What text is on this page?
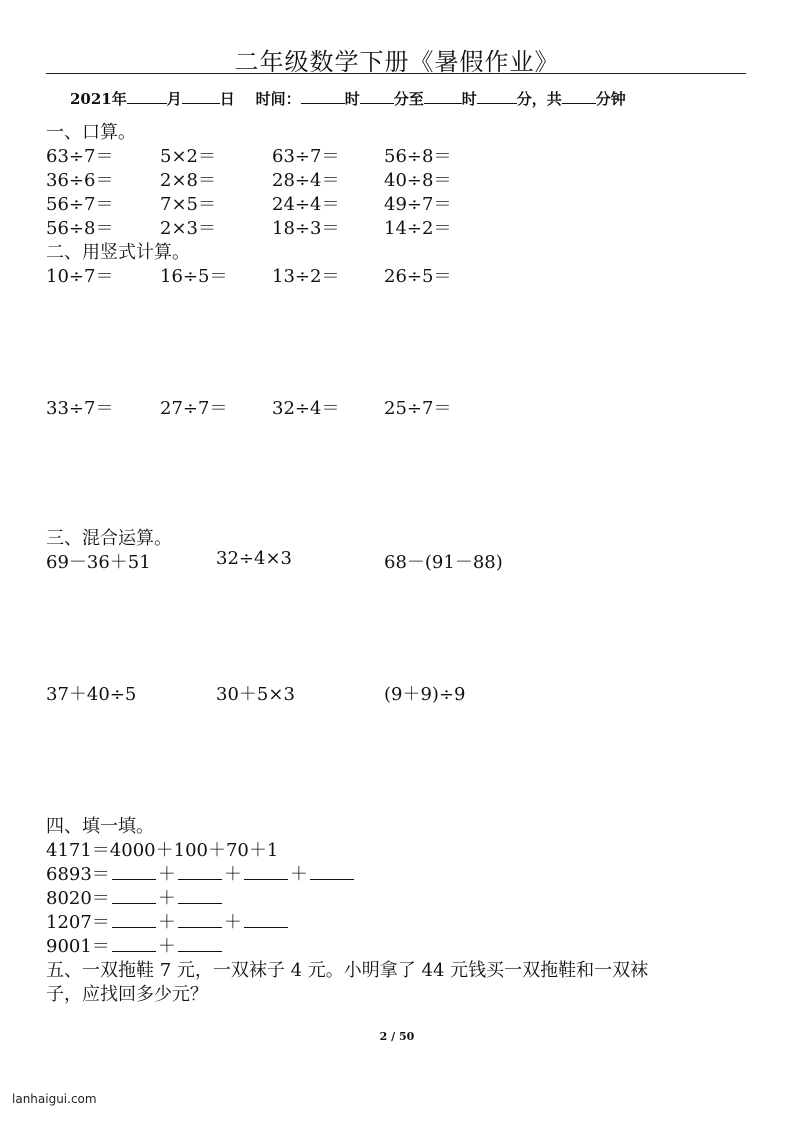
二年级数学下册《暑假作业》
2021年	月	日 时间：	时 分至	时	分，共 分钟
一、口算。
63÷7＝	5×2＝	63÷7＝ 56÷8＝
36÷6＝	2×8＝	28÷4＝ 40÷8＝
56÷7＝	7×5＝	24÷4＝ 49÷7＝
56÷8＝	2×3＝	18÷3＝ 14÷2＝
二、用竖式计算。
10÷7＝	16÷5＝ 13÷2＝ 26÷5＝
33÷7＝	27÷7＝ 32÷4＝ 25÷7＝
三、混合运算。
69－36＋51	32÷4×3	68－(91－88)
37＋40÷5	30＋5×3	(9＋9)÷9
四、填一填。
4171＝4000＋100＋70＋1
6893＝	＋	＋	＋
8020＝	＋
1207＝	＋	＋
9001＝	＋
五、一双拖鞋 7 元，一双袜子 4 元。小明拿了 44 元钱买一双拖鞋和一双袜
子，应找回多少元？
2 / 50
lanhaigui.com
